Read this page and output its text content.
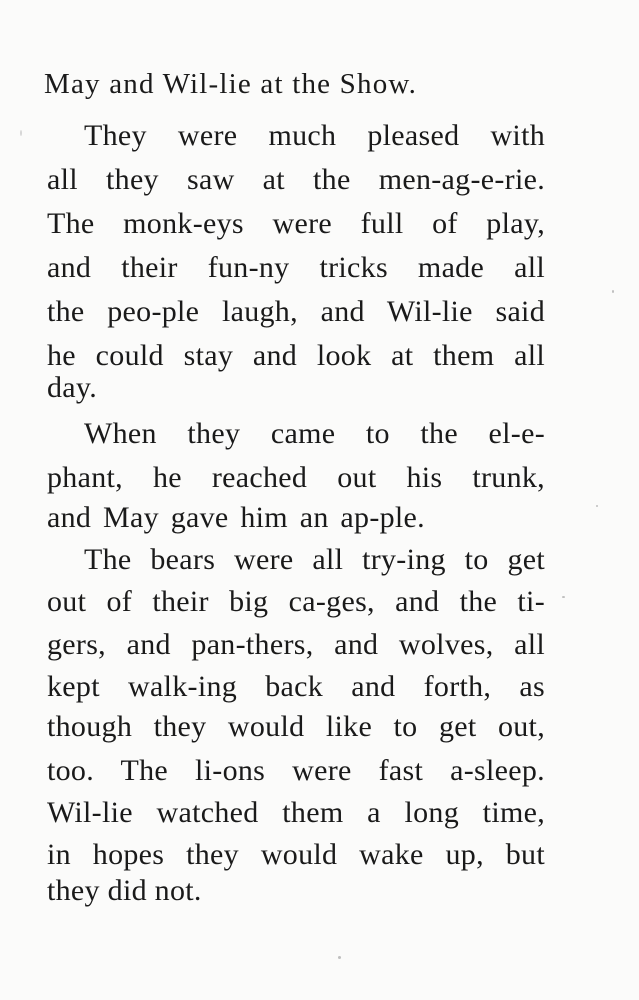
May and Wil-lie at the Show.
They were much pleased with
all they saw at the men-ag-e-rie.
The monk-eys were full of play,
and their fun-ny tricks made all
the peo-ple laugh, and Wil-lie said
he could stay and look at them all
day.
When they came to the el-e-
phant, he reached out his trunk,
and May gave him an ap-ple.
The bears were all try-ing to get
out of their big ca-ges, and the ti-
gers, and pan-thers, and wolves, all
kept walk-ing back and forth, as
though they would like to get out,
too. The li-ons were fast a-sleep.
Wil-lie watched them a long time,
in hopes they would wake up, but
they did not.
